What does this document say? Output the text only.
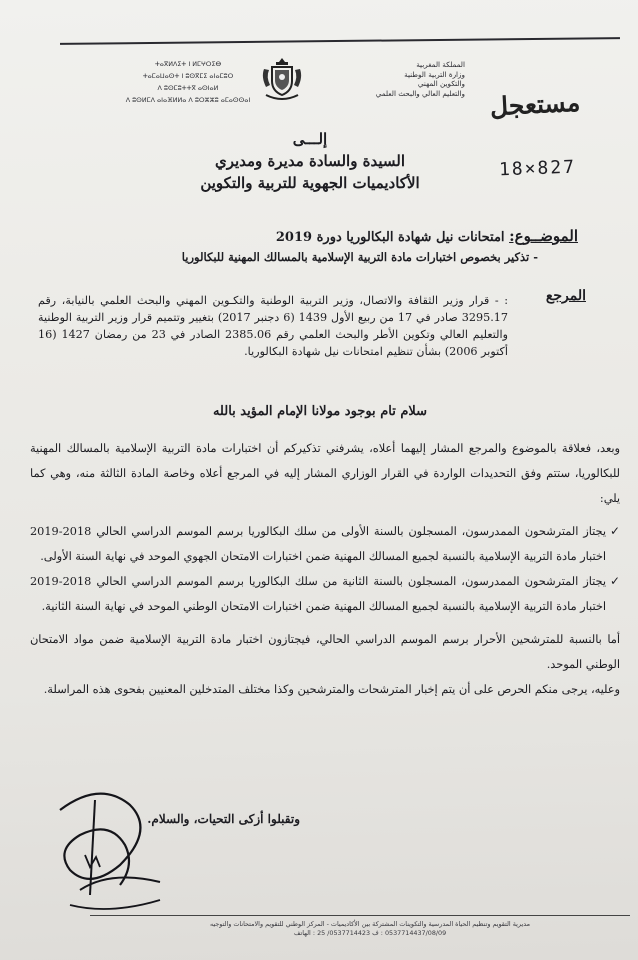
ⵜⴰⴳⵍⴷⵉⵜ ⵏ ⵍⵎⵖⵔⵉⴱ
ⵜⴰⵎⴰⵡⴰⵙⵜ ⵏ ⵓⵙⴳⵎⵉ ⴰⵏⴰⵎⵓⵔ
ⴷ ⵓⵙⵎⵓⵜⵜⴳ ⴰⵙⵏⴰⵍ
ⴷ ⵓⵙⵍⵎⴷ ⴰⵏⴰⴼⵍⵍⴰ ⴷ ⵓⵔⵣⵣⵓ ⴰⵎⴰⵙⵙⴰⵏ
المملكة المغربية
وزارة التربية الوطنية
والتكوين المهني
والتعليم العالي والبحث العلمي مستعجل
18×827
إلـــى
السيدة والسادة مديرة ومديري
الأكاديميات الجهوية للتربية والتكوين
الموضــوع: امتحانات نيل شهادة البكالوريا دورة 2019
- تذكير بخصوص اختبارات مادة التربية الإسلامية بالمسالك المهنية للبكالوريا
المرجع
: - قرار وزير الثقافة والاتصال، وزير التربية الوطنية والتكـوين المهني والبحث العلمي بالنيابة، رقم 3295.17 صادر في 17 من ربيع الأول 1439 (6 دجنبر 2017) بتغيير وتتميم قرار وزير التربية الوطنية والتعليم العالي وتكوين الأطر والبحث العلمي رقم 2385.06 الصادر في 23 من رمضان 1427 (16 أكتوبر 2006) بشأن تنظيم امتحانات نيل شهادة البكالوريا.
سلام تام بوجود مولانا الإمام المؤيد بالله

وبعد، فعلاقة بالموضوع والمرجع المشار إليهما أعلاه، يشرفني تذكيركم أن اختبارات مادة التربية الإسلامية بالمسالك المهنية للبكالوريا، ستتم وفق التحديدات الواردة في القرار الوزاري المشار إليه في المرجع أعلاه وخاصة المادة الثالثة منه، وهي كما يلي:

✓
يجتاز المترشحون الممدرسون، المسجلون بالسنة الأولى من سلك البكالوريا برسم الموسم الدراسي الحالي 2018-2019 اختبار مادة التربية الإسلامية بالنسبة لجميع المسالك المهنية ضمن اختبارات الامتحان الجهوي الموحد في نهاية السنة الأولى.

✓
يجتاز المترشحون الممدرسون، المسجلون بالسنة الثانية من سلك البكالوريا برسم الموسم الدراسي الحالي 2018-2019 اختبار مادة التربية الإسلامية بالنسبة لجميع المسالك المهنية ضمن اختبارات الامتحان الوطني الموحد في نهاية السنة الثانية.

أما بالنسبة للمترشحين الأحرار برسم الموسم الدراسي الحالي، فيجتازون اختبار مادة التربية الإسلامية ضمن مواد الامتحان الوطني الموحد.

وعليه، يرجى منكم الحرص على أن يتم إخبار المترشحات والمترشحين وكذا مختلف المتدخلين المعنيين بفحوى هذه المراسلة.

وتقبلوا أزكى التحيات، والسلام.
مديرية التقويم وتنظيم الحياة المدرسية والتكوينات المشتركة بين الأكاديميات - المركز الوطني للتقويم والامتحانات والتوجيه
0537714437/08/09 : ف 0537714423/ 25 : الهاتف
